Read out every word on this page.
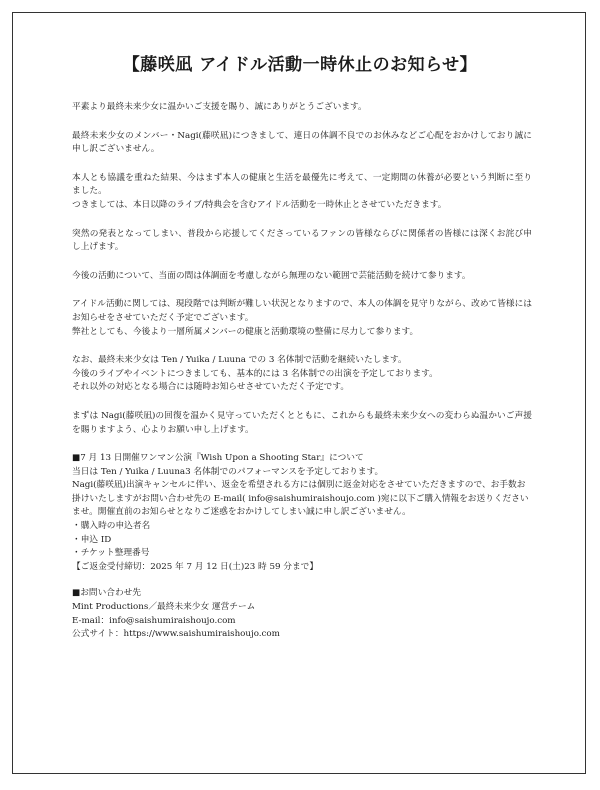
【藤咲凪 アイドル活動一時休止のお知らせ】

平素より最終未来少女に温かいご支援を賜り、誠にありがとうございます。

最終未来少女のメンバー・Nagi(藤咲凪)につきまして、連日の体調不良でのお休みなどご心配をおかけしており誠に申し訳ございません。

本人とも協議を重ねた結果、今はまず本人の健康と生活を最優先に考えて、一定期間の休養が必要という判断に至りました。
つきましては、本日以降のライブ/特典会を含むアイドル活動を一時休止とさせていただきます。

突然の発表となってしまい、普段から応援してくださっているファンの皆様ならびに関係者の皆様には深くお詫び申し上げます。

今後の活動について、当面の間は体調面を考慮しながら無理のない範囲で芸能活動を続けて参ります。

アイドル活動に関しては、現段階では判断が難しい状況となりますので、本人の体調を見守りながら、改めて皆様にはお知らせをさせていただく予定でございます。
弊社としても、今後より一層所属メンバーの健康と活動環境の整備に尽力して参ります。

なお、最終未来少女は Ten / Yuika / Luuna での 3 名体制で活動を継続いたします。
今後のライブやイベントにつきましても、基本的には 3 名体制での出演を予定しております。
それ以外の対応となる場合には随時お知らせさせていただく予定です。

まずは Nagi(藤咲凪)の回復を温かく見守っていただくとともに、これからも最終未来少女への変わらぬ温かいご声援を賜りますよう、心よりお願い申し上げます。

■7 月 13 日開催ワンマン公演『Wish Upon a Shooting Star』について
当日は Ten / Yuika / Luuna3 名体制でのパフォーマンスを予定しております。
Nagi(藤咲凪)出演キャンセルに伴い、返金を希望される方には個別に返金対応をさせていただきますので、お手数お掛けいたしますがお問い合わせ先の E-mail( info@saishumiraishoujo.com )宛に以下ご購入情報をお送りくださいませ。開催直前のお知らせとなりご迷惑をおかけしてしまい誠に申し訳ございません。
・購入時の申込者名
・申込 ID
・チケット整理番号
【ご返金受付締切：2025 年 7 月 12 日(土)23 時 59 分まで】
■お問い合わせ先
Mint Productions／最終未来少女 運営チーム
E-mail：info@saishumiraishoujo.com
公式サイト：https://www.saishumiraishoujo.com
